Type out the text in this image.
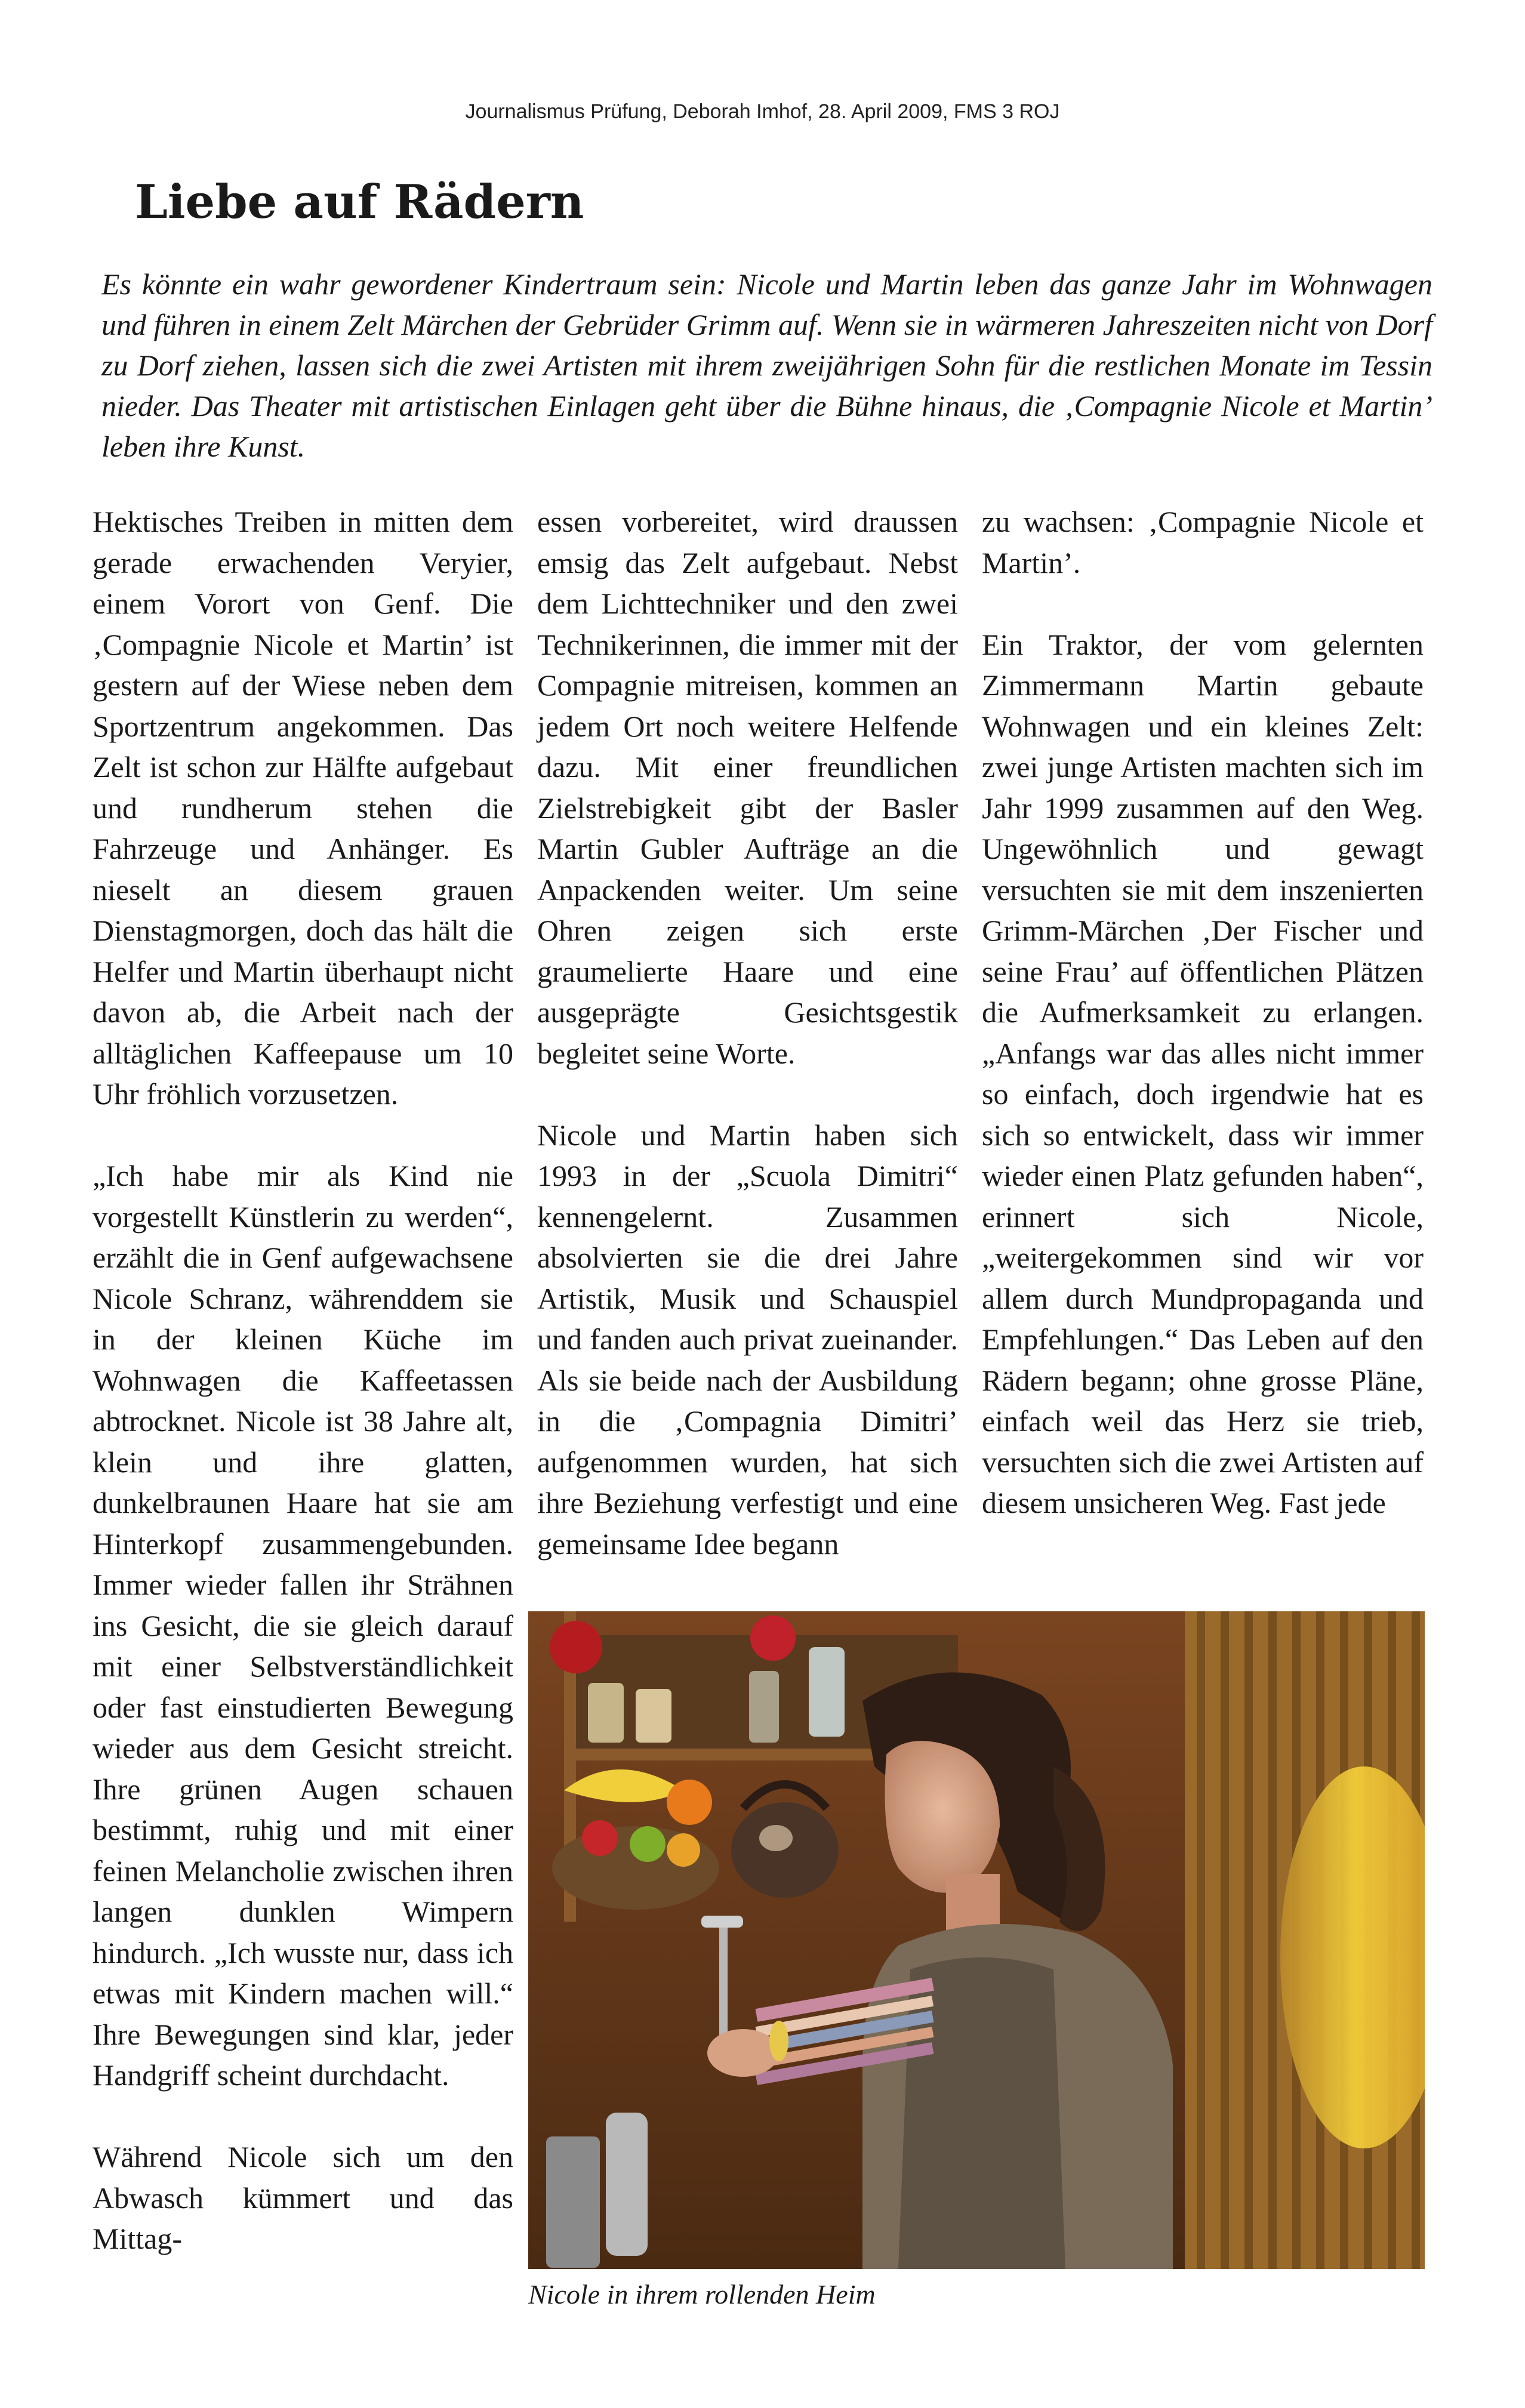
Journalismus Prüfung, Deborah Imhof, 28. April 2009, FMS 3 ROJ
Liebe auf Rädern

Es könnte ein wahr gewordener Kindertraum sein: Nicole und Martin leben das ganze Jahr im Wohnwagen und führen in einem Zelt Märchen der Gebrüder Grimm auf. Wenn sie in wärmeren Jahreszeiten nicht von Dorf zu Dorf ziehen, lassen sich die zwei Artisten mit ihrem zweijährigen Sohn für die restlichen Monate im Tessin nieder. Das Theater mit artistischen Einlagen geht über die Bühne hinaus, die ‚Compagnie Nicole et Martin’ leben ihre Kunst.

Hektisches Treiben in mitten dem gerade erwachenden Veryier, einem Vorort von Genf. Die ‚Compagnie Nicole et Martin’ ist gestern auf der Wiese neben dem Sportzentrum angekommen. Das Zelt ist schon zur Hälfte aufgebaut und rundherum stehen die Fahrzeuge und Anhänger. Es nieselt an diesem grauen Dienstagmorgen, doch das hält die Helfer und Martin überhaupt nicht davon ab, die Arbeit nach der alltäglichen Kaffeepause um 10 Uhr fröhlich vorzusetzen.

„Ich habe mir als Kind nie vorgestellt Künstlerin zu werden“, erzählt die in Genf aufgewachsene Nicole Schranz, währenddem sie in der kleinen Küche im Wohnwagen die Kaffeetassen abtrocknet. Nicole ist 38 Jahre alt, klein und ihre glatten, dunkelbraunen Haare hat sie am Hinterkopf zusammengebunden. Immer wieder fallen ihr Strähnen ins Gesicht, die sie gleich darauf mit einer Selbstverständlichkeit oder fast einstudierten Bewegung wieder aus dem Gesicht streicht. Ihre grünen Augen schauen bestimmt, ruhig und mit einer feinen Melancholie zwischen ihren langen dunklen Wimpern hindurch. „Ich wusste nur, dass ich etwas mit Kindern machen will.“ Ihre Bewegungen sind klar, jeder Handgriff scheint durchdacht.

Während Nicole sich um den Abwasch kümmert und das Mittag-

essen vorbereitet, wird draussen emsig das Zelt aufgebaut. Nebst dem Lichttechniker und den zwei Technikerinnen, die immer mit der Compagnie mitreisen, kommen an jedem Ort noch weitere Helfende dazu. Mit einer freundlichen Zielstrebigkeit gibt der Basler Martin Gubler Aufträge an die Anpackenden weiter. Um seine Ohren zeigen sich erste graumelierte Haare und eine ausgeprägte Gesichtsgestik begleitet seine Worte.

Nicole und Martin haben sich 1993 in der „Scuola Dimitri“ kennengelernt. Zusammen absolvierten sie die drei Jahre Artistik, Musik und Schauspiel und fanden auch privat zueinander. Als sie beide nach der Ausbildung in die ‚Compagnia Dimitri’ aufgenommen wurden, hat sich ihre Beziehung verfestigt und eine gemeinsame Idee begann

zu wachsen: ‚Compagnie Nicole et Martin’.

Ein Traktor, der vom gelernten Zimmermann Martin gebaute Wohnwagen und ein kleines Zelt: zwei junge Artisten machten sich im Jahr 1999 zusammen auf den Weg. Ungewöhnlich und gewagt versuchten sie mit dem inszenierten Grimm-Märchen ‚Der Fischer und seine Frau’ auf öffentlichen Plätzen die Aufmerksamkeit zu erlangen. „Anfangs war das alles nicht immer so einfach, doch irgendwie hat es sich so entwickelt, dass wir immer wieder einen Platz gefunden haben“, erinnert sich Nicole, „weitergekommen sind wir vor allem durch Mundpropaganda und Empfehlungen.“ Das Leben auf den Rädern begann; ohne grosse Pläne, einfach weil das Herz sie trieb, versuchten sich die zwei Artisten auf diesem unsicheren Weg. Fast jede

Nicole in ihrem rollenden Heim
